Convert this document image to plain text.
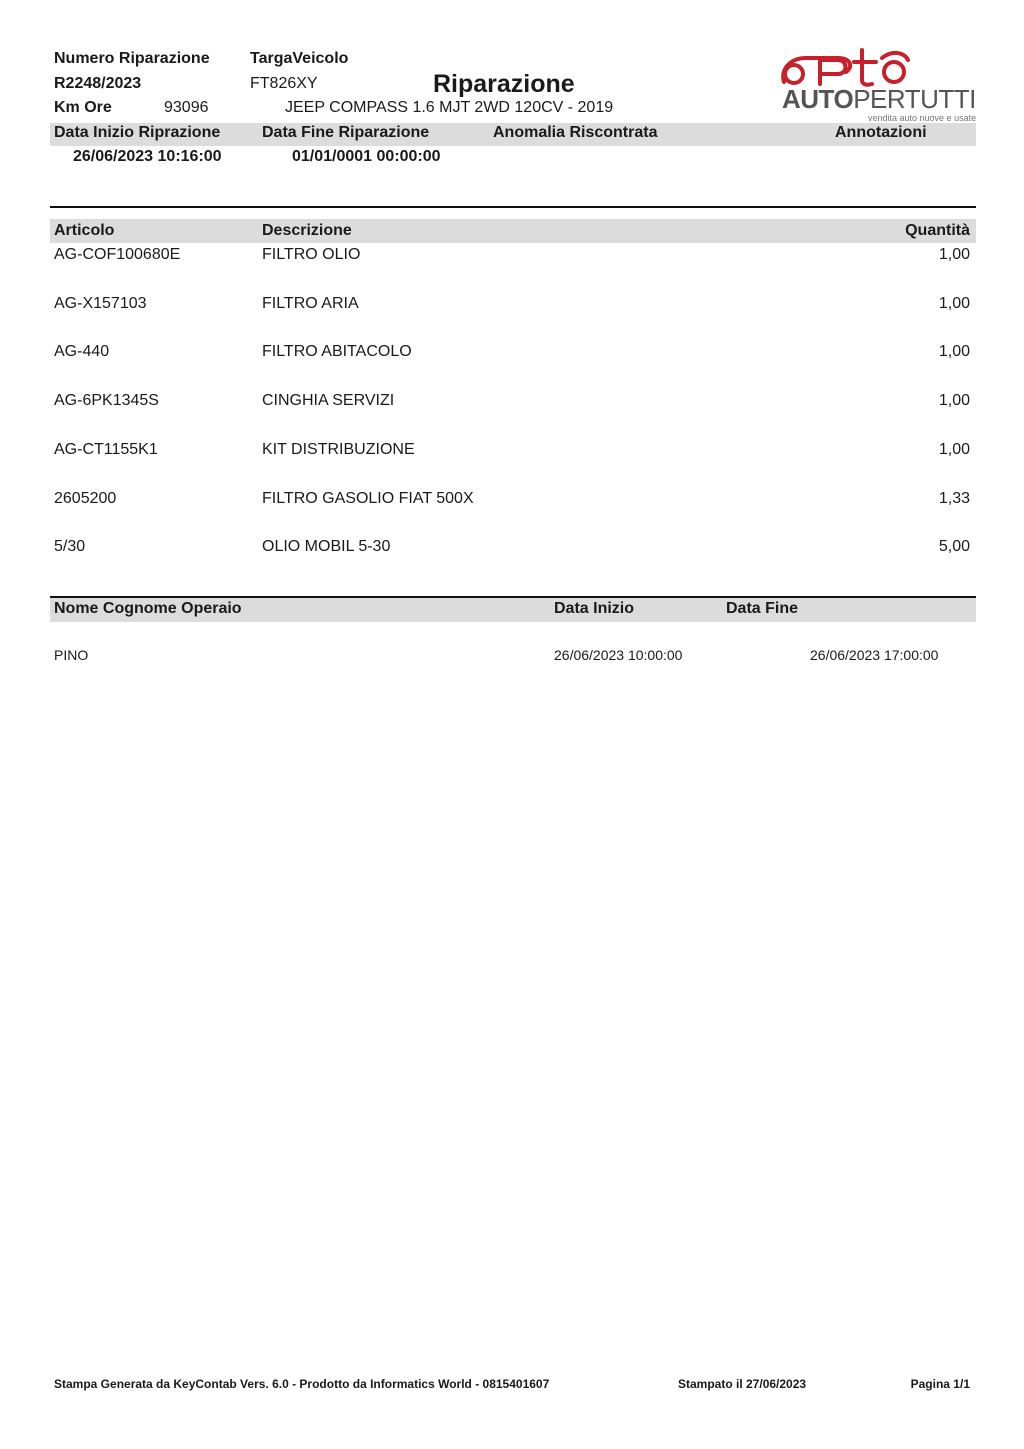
Numero Riparazione
R2248/2023
Km Ore	93096
TargaVeicolo
FT826XY	Riparazione
JEEP COMPASS 1.6 MJT 2WD 120CV - 2019	AUTOPERTUTTI
vendita auto nuove e usate
Data Inizio Riprazione	Data Fine Riparazione	Anomalia Riscontrata	Annotazioni
26/06/2023 10:16:00	01/01/0001 00:00:00
Articolo	Descrizione	Quantità
AG-COF100680E	FILTRO OLIO	1,00
AG-X157103	FILTRO ARIA	1,00
AG-440	FILTRO ABITACOLO	1,00
AG-6PK1345S	CINGHIA SERVIZI	1,00
AG-CT1155K1	KIT DISTRIBUZIONE	1,00
2605200	FILTRO GASOLIO FIAT 500X	1,33
5/30	OLIO MOBIL 5-30	5,00
Nome Cognome Operaio	Data Inizio	Data Fine
PINO	26/06/2023 10:00:00	26/06/2023 17:00:00
Stampa Generata da KeyContab Vers. 6.0 - Prodotto da Informatics World - 0815401607	Stampato il 27/06/2023	Pagina 1/1
